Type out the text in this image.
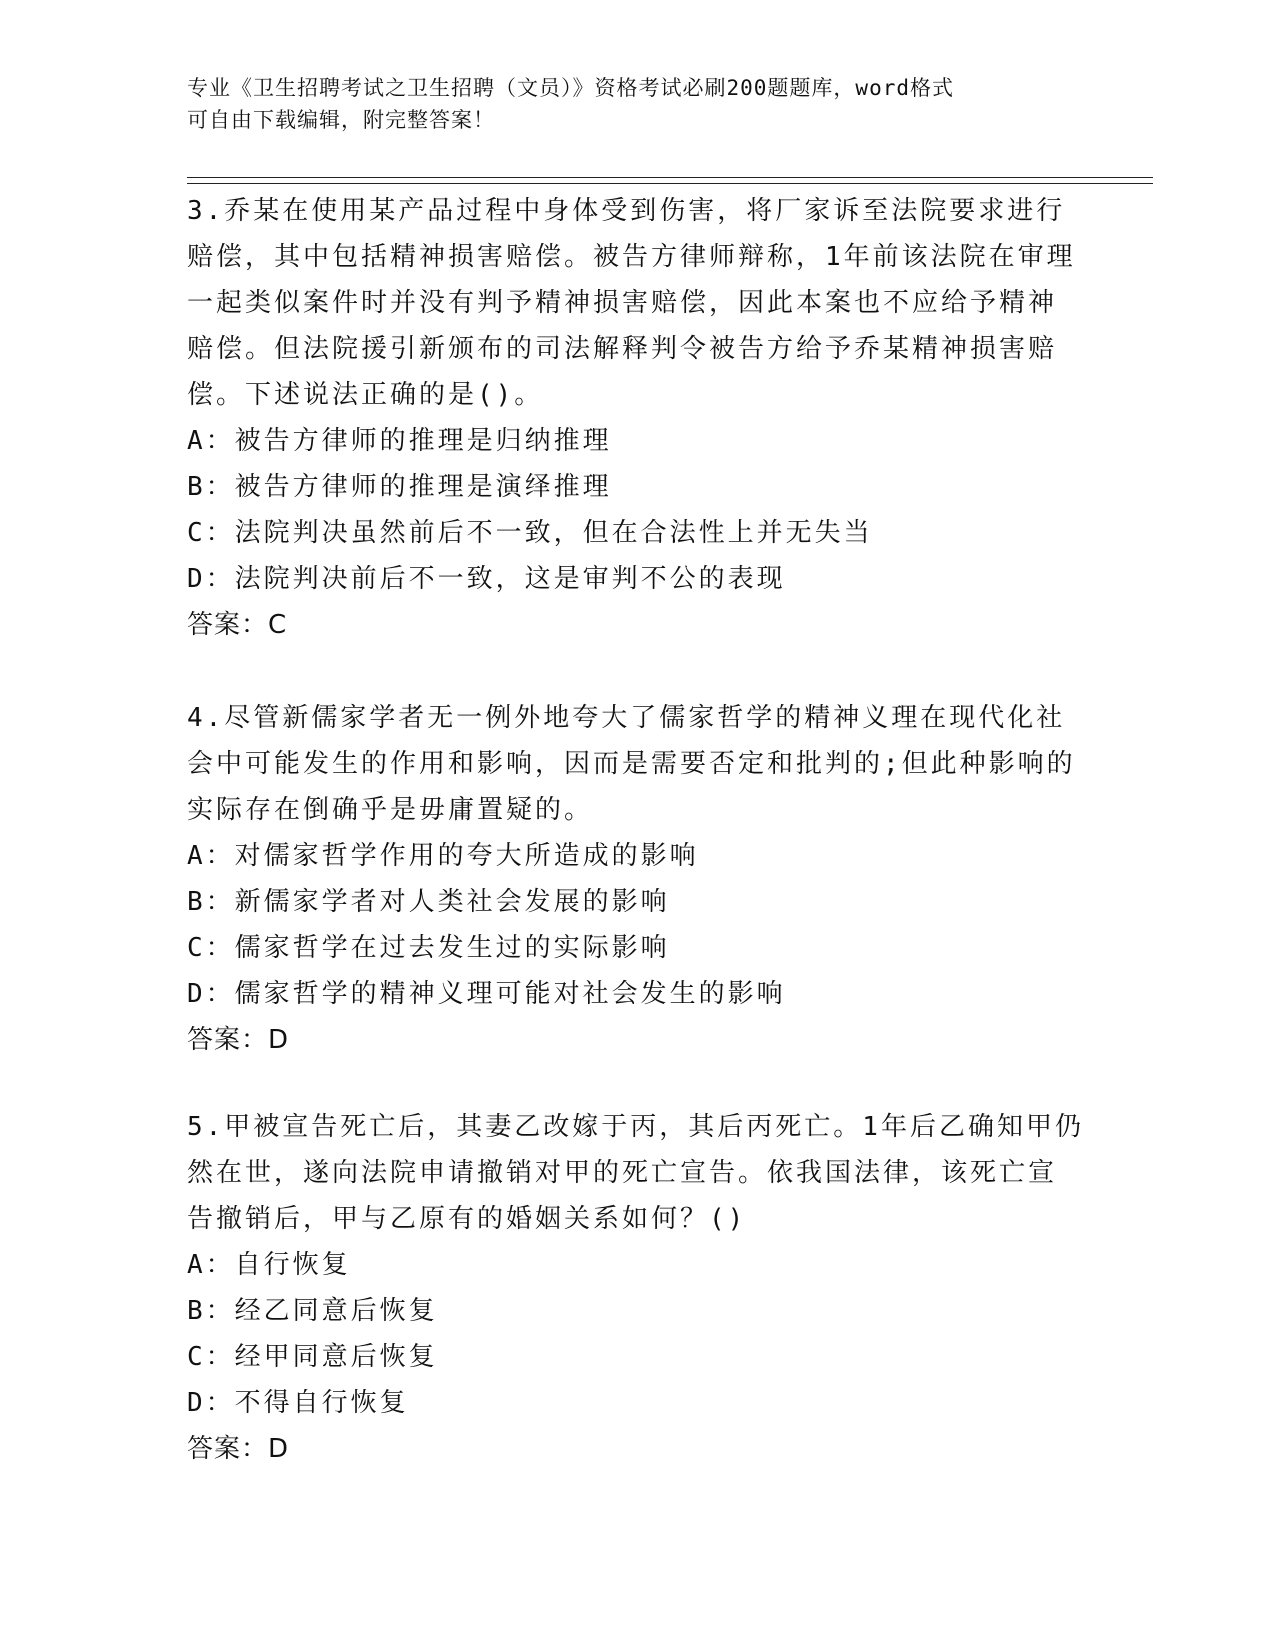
专业《卫生招聘考试之卫生招聘（文员）》资格考试必刷200题题库，word格式
可自由下载编辑，附完整答案！
3.乔某在使用某产品过程中身体受到伤害，将厂家诉至法院要求进行
赔偿，其中包括精神损害赔偿。被告方律师辩称，1年前该法院在审理
一起类似案件时并没有判予精神损害赔偿，因此本案也不应给予精神
赔偿。但法院援引新颁布的司法解释判令被告方给予乔某精神损害赔
偿。下述说法正确的是()。
A：被告方律师的推理是归纳推理
B：被告方律师的推理是演绎推理
C：法院判决虽然前后不一致，但在合法性上并无失当
D：法院判决前后不一致，这是审判不公的表现
答案：C
4.尽管新儒家学者无一例外地夸大了儒家哲学的精神义理在现代化社
会中可能发生的作用和影响，因而是需要否定和批判的;但此种影响的
实际存在倒确乎是毋庸置疑的。
A：对儒家哲学作用的夸大所造成的影响
B：新儒家学者对人类社会发展的影响
C：儒家哲学在过去发生过的实际影响
D：儒家哲学的精神义理可能对社会发生的影响
答案：D
5.甲被宣告死亡后，其妻乙改嫁于丙，其后丙死亡。1年后乙确知甲仍
然在世，遂向法院申请撤销对甲的死亡宣告。依我国法律，该死亡宣
告撤销后，甲与乙原有的婚姻关系如何？()
A：自行恢复
B：经乙同意后恢复
C：经甲同意后恢复
D：不得自行恢复
答案：D
